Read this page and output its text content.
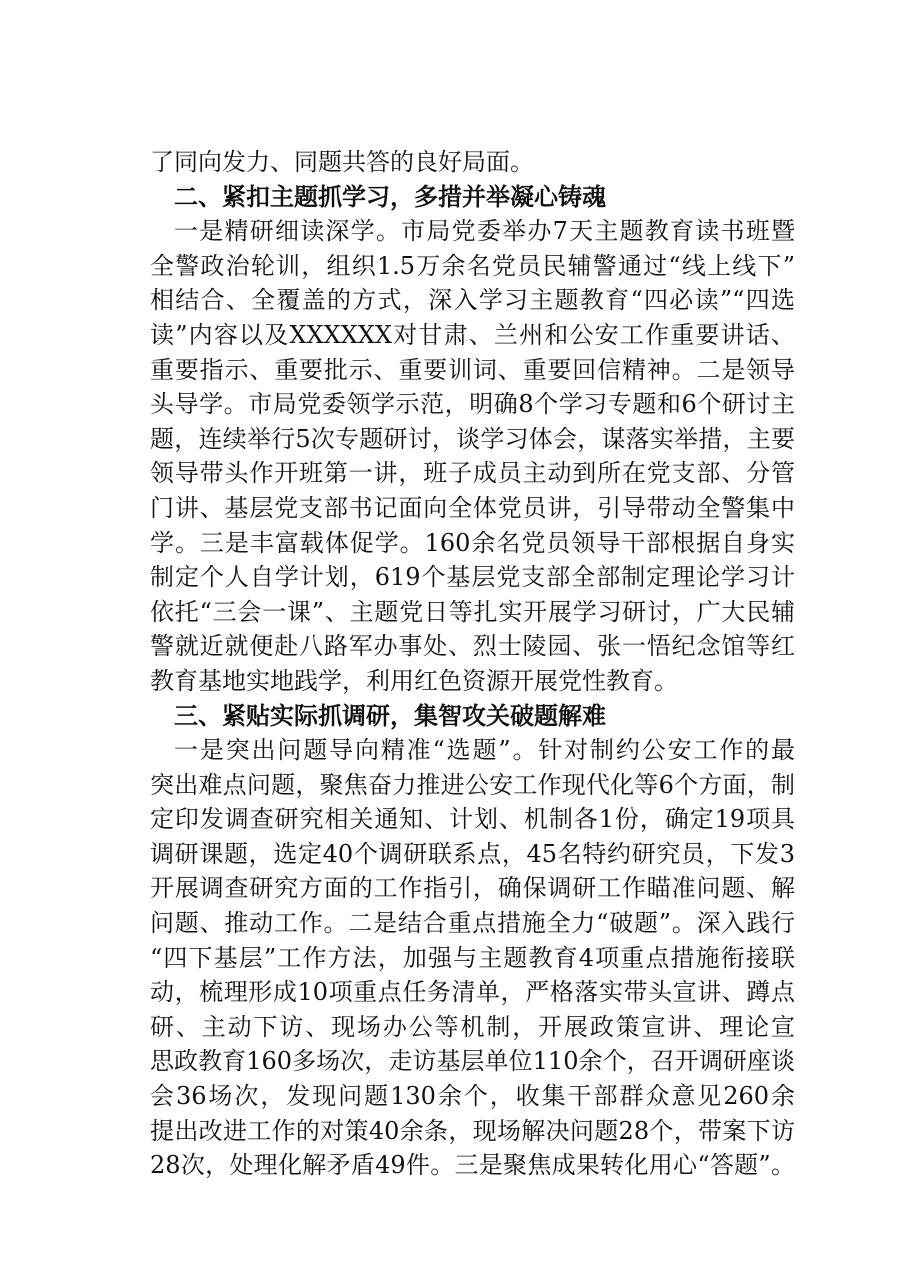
了同向发力、同题共答的良好局面。
二、紧扣主题抓学习，多措并举凝心铸魂
一是精研细读深学。市局党委举办7天主题教育读书班暨
全警政治轮训，组织1.5万余名党员民辅警通过“线上线下”
相结合、全覆盖的方式，深入学习主题教育“四必读”“四选
读”内容以及XXXXXX对甘肃、兰州和公安工作重要讲话、
重要指示、重要批示、重要训词、重要回信精神。二是领导
头导学。市局党委领学示范，明确8个学习专题和6个研讨主
题，连续举行5次专题研讨，谈学习体会，谋落实举措，主要
领导带头作开班第一讲，班子成员主动到所在党支部、分管
门讲、基层党支部书记面向全体党员讲，引导带动全警集中
学。三是丰富载体促学。160余名党员领导干部根据自身实
制定个人自学计划，619个基层党支部全部制定理论学习计
依托“三会一课”、主题党日等扎实开展学习研讨，广大民辅
警就近就便赴八路军办事处、烈士陵园、张一悟纪念馆等红
教育基地实地践学，利用红色资源开展党性教育。
三、紧贴实际抓调研，集智攻关破题解难
一是突出问题导向精准“选题”。针对制约公安工作的最
突出难点问题，聚焦奋力推进公安工作现代化等6个方面，制
定印发调查研究相关通知、计划、机制各1份，确定19项具
调研课题，选定40个调研联系点，45名特约研究员，下发3
开展调查研究方面的工作指引，确保调研工作瞄准问题、解
问题、推动工作。二是结合重点措施全力“破题”。深入践行
“四下基层”工作方法，加强与主题教育4项重点措施衔接联
动，梳理形成10项重点任务清单，严格落实带头宣讲、蹲点
研、主动下访、现场办公等机制，开展政策宣讲、理论宣
思政教育160多场次，走访基层单位110余个，召开调研座谈
会36场次，发现问题130余个，收集干部群众意见260余
提出改进工作的对策40余条，现场解决问题28个，带案下访
28次，处理化解矛盾49件。三是聚焦成果转化用心“答题”。
